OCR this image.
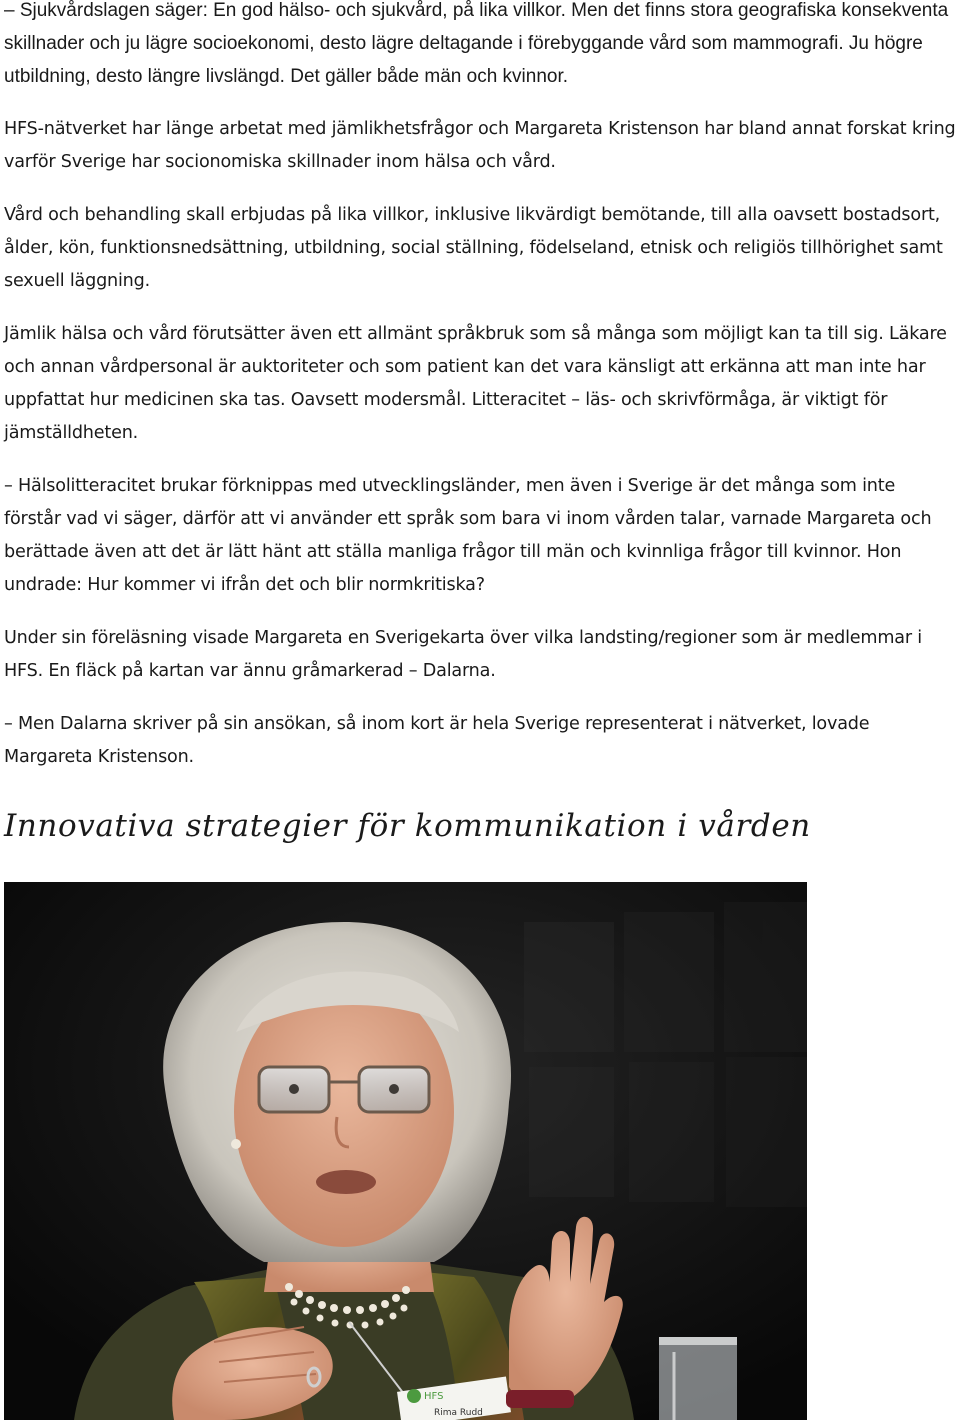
– Sjukvårdslagen säger: En god hälso- och sjukvård, på lika villkor. Men det finns stora geografiska konsekventa skillnader och ju lägre socioekonomi, desto lägre deltagande i förebyggande vård som mammografi. Ju högre utbildning, desto längre livslängd. Det gäller både män och kvinnor.

HFS-nätverket har länge arbetat med jämlikhetsfrågor och Margareta Kristenson har bland annat forskat kring varför Sverige har socionomiska skillnader inom hälsa och vård.

Vård och behandling skall erbjudas på lika villkor, inklusive likvärdigt bemötande, till alla oavsett bostadsort, ålder, kön, funktionsnedsättning, utbildning, social ställning, födelseland, etnisk och religiös tillhörighet samt sexuell läggning.

Jämlik hälsa och vård förutsätter även ett allmänt språkbruk som så många som möjligt kan ta till sig. Läkare och annan vårdpersonal är auktoriteter och som patient kan det vara känsligt att erkänna att man inte har uppfattat hur medicinen ska tas. Oavsett modersmål. Litteracitet – läs- och skrivförmåga, är viktigt för jämställdheten.

– Hälsolitteracitet brukar förknippas med utvecklingsländer, men även i Sverige är det många som inte förstår vad vi säger, därför att vi använder ett språk som bara vi inom vården talar, varnade Margareta och berättade även att det är lätt hänt att ställa manliga frågor till män och kvinnliga frågor till kvinnor. Hon undrade: Hur kommer vi ifrån det och blir normkritiska?

Under sin föreläsning visade Margareta en Sverigekarta över vilka landsting/regioner som är medlemmar i HFS. En fläck på kartan var ännu gråmarkerad – Dalarna.

– Men Dalarna skriver på sin ansökan, så inom kort är hela Sverige representerat i nätverket, lovade Margareta Kristenson.

Innovativa strategier för kommunikation i vården
HFS
Rima Rudd
